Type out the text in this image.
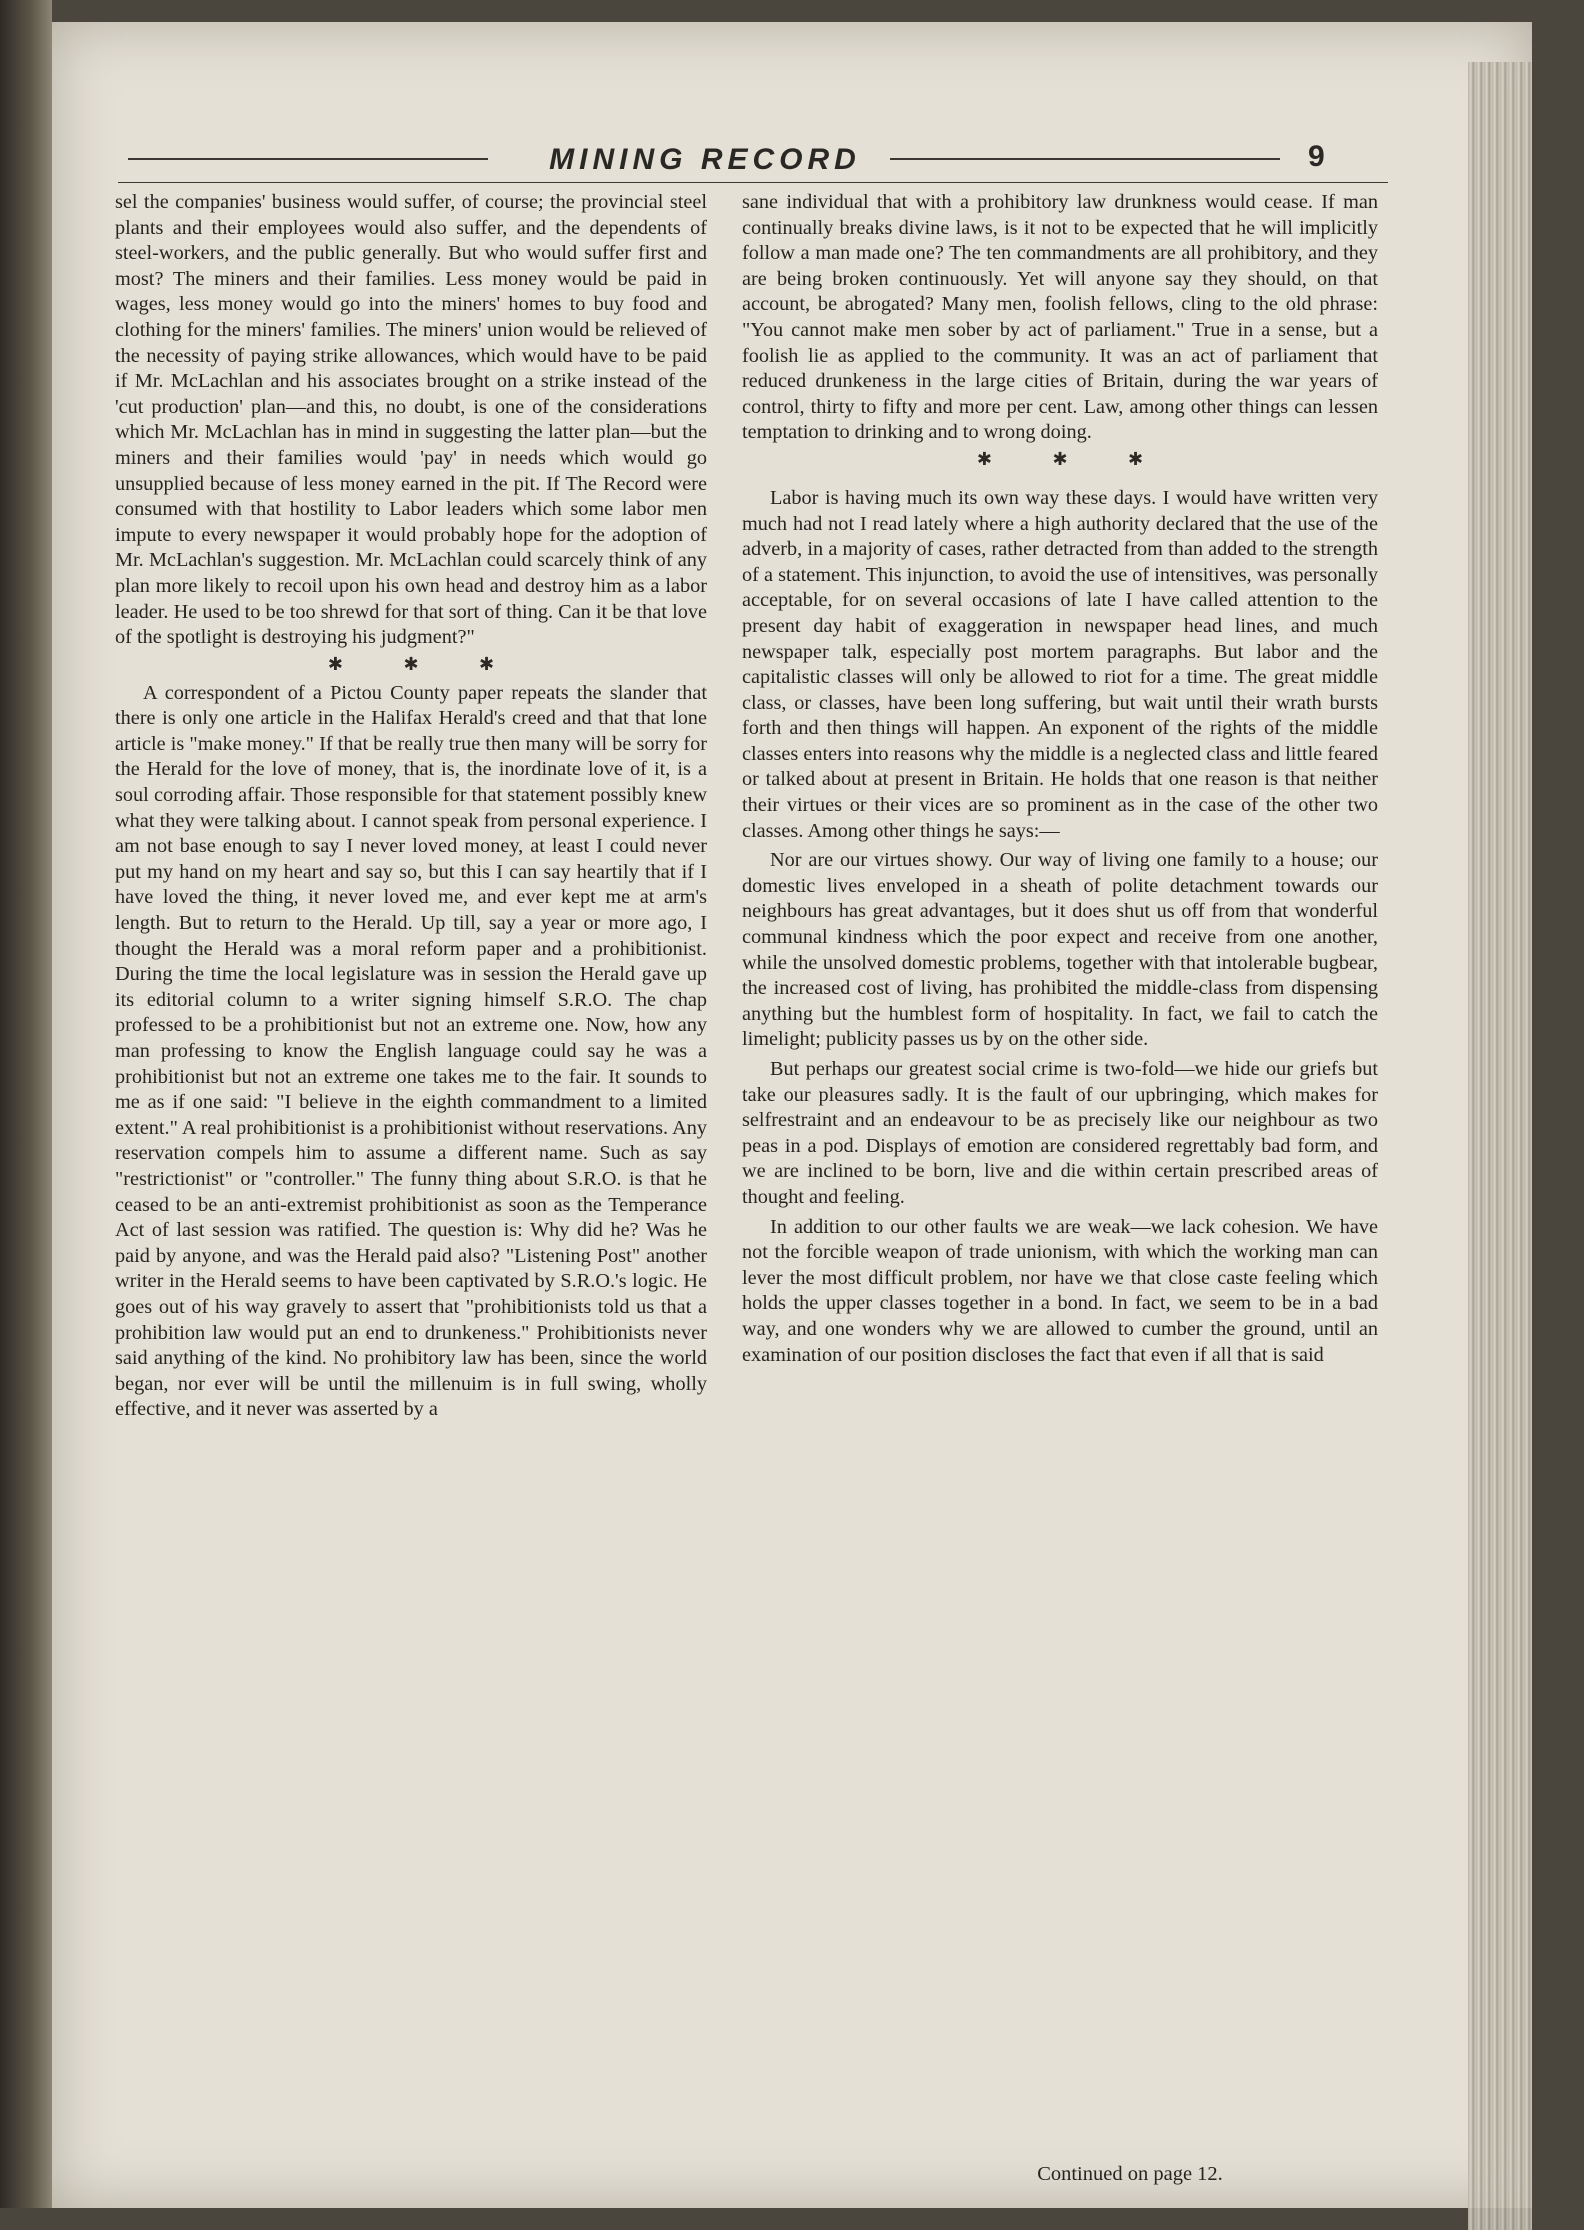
MINING RECORD	9

sel the companies' business would suffer, of course; the provincial steel plants and their employees would also suffer, and the dependents of steel-workers, and the public generally. But who would suffer first and most? The miners and their families. Less money would be paid in wages, less money would go into the miners' homes to buy food and clothing for the miners' families. The miners' union would be relieved of the necessity of paying strike allowances, which would have to be paid if Mr. McLachlan and his associates brought on a strike instead of the 'cut production' plan—and this, no doubt, is one of the considerations which Mr. McLachlan has in mind in suggesting the latter plan—but the miners and their families would 'pay' in needs which would go unsupplied because of less money earned in the pit. If The Record were consumed with that hostility to Labor leaders which some labor men impute to every newspaper it would probably hope for the adoption of Mr. McLachlan's suggestion. Mr. McLachlan could scarcely think of any plan more likely to recoil upon his own head and destroy him as a labor leader. He used to be too shrewd for that sort of thing. Can it be that love of the spotlight is destroying his judgment?"

✱ ✱ ✱

A correspondent of a Pictou County paper repeats the slander that there is only one article in the Halifax Herald's creed and that that lone article is "make money." If that be really true then many will be sorry for the Herald for the love of money, that is, the inordinate love of it, is a soul corroding affair. Those responsible for that statement possibly knew what they were talking about. I cannot speak from personal experience. I am not base enough to say I never loved money, at least I could never put my hand on my heart and say so, but this I can say heartily that if I have loved the thing, it never loved me, and ever kept me at arm's length. But to return to the Herald. Up till, say a year or more ago, I thought the Herald was a moral reform paper and a prohibitionist. During the time the local legislature was in session the Herald gave up its editorial column to a writer signing himself S.R.O. The chap professed to be a prohibitionist but not an extreme one. Now, how any man professing to know the English language could say he was a prohibitionist but not an extreme one takes me to the fair. It sounds to me as if one said: "I believe in the eighth commandment to a limited extent." A real prohibitionist is a prohibitionist without reservations. Any reservation compels him to assume a different name. Such as say "restrictionist" or "controller." The funny thing about S.R.O. is that he ceased to be an anti-extremist prohibitionist as soon as the Temperance Act of last session was ratified. The question is: Why did he? Was he paid by anyone, and was the Herald paid also? "Listening Post" another writer in the Herald seems to have been captivated by S.R.O.'s logic. He goes out of his way gravely to assert that "prohibitionists told us that a prohibition law would put an end to drunkeness." Prohibitionists never said anything of the kind. No prohibitory law has been, since the world began, nor ever will be until the millenuim is in full swing, wholly effective, and it never was asserted by a

sane individual that with a prohibitory law drunkness would cease. If man continually breaks divine laws, is it not to be expected that he will implicitly follow a man made one? The ten commandments are all prohibitory, and they are being broken continuously. Yet will anyone say they should, on that account, be abrogated? Many men, foolish fellows, cling to the old phrase: "You cannot make men sober by act of parliament." True in a sense, but a foolish lie as applied to the community. It was an act of parliament that reduced drunkeness in the large cities of Britain, during the war years of control, thirty to fifty and more per cent. Law, among other things can lessen temptation to drinking and to wrong doing.

✱ ✱ ✱

Labor is having much its own way these days. I would have written very much had not I read lately where a high authority declared that the use of the adverb, in a majority of cases, rather detracted from than added to the strength of a statement. This injunction, to avoid the use of intensitives, was personally acceptable, for on several occasions of late I have called attention to the present day habit of exaggeration in newspaper head lines, and much newspaper talk, especially post mortem paragraphs. But labor and the capitalistic classes will only be allowed to riot for a time. The great middle class, or classes, have been long suffering, but wait until their wrath bursts forth and then things will happen. An exponent of the rights of the middle classes enters into reasons why the middle is a neglected class and little feared or talked about at present in Britain. He holds that one reason is that neither their virtues or their vices are so prominent as in the case of the other two classes. Among other things he says:—

Nor are our virtues showy. Our way of living one family to a house; our domestic lives enveloped in a sheath of polite detachment towards our neighbours has great advantages, but it does shut us off from that wonderful communal kindness which the poor expect and receive from one another, while the unsolved domestic problems, together with that intolerable bugbear, the increased cost of living, has prohibited the middle-class from dispensing anything but the humblest form of hospitality. In fact, we fail to catch the limelight; publicity passes us by on the other side.

But perhaps our greatest social crime is two-fold—we hide our griefs but take our pleasures sadly. It is the fault of our upbringing, which makes for selfrestraint and an endeavour to be as precisely like our neighbour as two peas in a pod. Displays of emotion are considered regrettably bad form, and we are inclined to be born, live and die within certain prescribed areas of thought and feeling.

In addition to our other faults we are weak—we lack cohesion. We have not the forcible weapon of trade unionism, with which the working man can lever the most difficult problem, nor have we that close caste feeling which holds the upper classes together in a bond. In fact, we seem to be in a bad way, and one wonders why we are allowed to cumber the ground, until an examination of our position discloses the fact that even if all that is said

Continued on page 12.
